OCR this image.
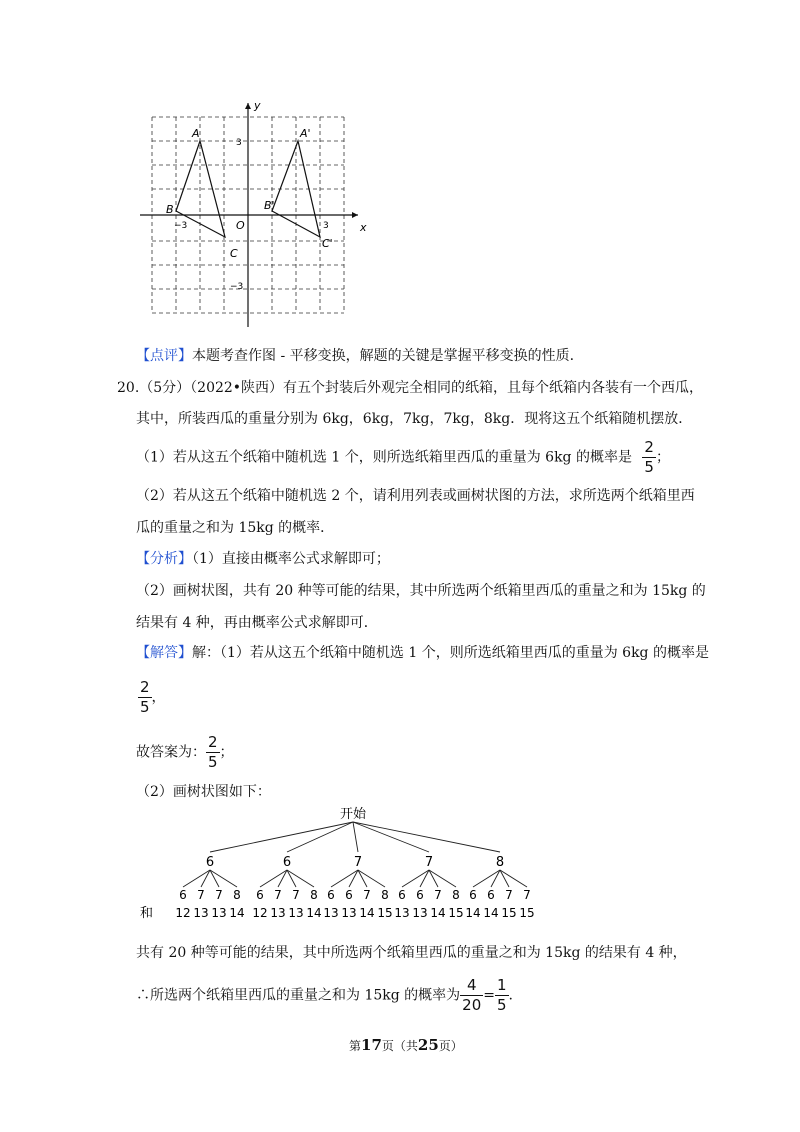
y
x
O
3
−3
−3	3
A
B
C
A'
B'
C'
【点评】本题考查作图 - 平移变换，解题的关键是掌握平移变换的性质.
20.（5分）（2022•陕西）有五个封装后外观完全相同的纸箱，且每个纸箱内各装有一个西瓜，
其中，所装西瓜的重量分别为 6kg，6kg，7kg，7kg，8kg．现将这五个纸箱随机摆放．
（1）若从这五个纸箱中随机选 1 个，则所选纸箱里西瓜的重量为 6kg 的概率是 $\frac{2}{5}$ ；
（2）若从这五个纸箱中随机选 2 个，请利用列表或画树状图的方法，求所选两个纸箱里西
瓜的重量之和为 15kg 的概率．
【分析】（1）直接由概率公式求解即可；
（2）画树状图，共有 20 种等可能的结果，其中所选两个纸箱里西瓜的重量之和为 15kg 的
结果有 4 种，再由概率公式求解即可．
【解答】解：（1）若从这五个纸箱中随机选 1 个，则所选纸箱里西瓜的重量为 6kg 的概率是
$\frac{2}{5}$ ，
故答案为： $\frac{2}{5}$ ；
（2）画树状图如下：
开始
和
6
6
12
7
13
7
13
8
14
6
6
12
7
13
7
13
8
14
7
6
13
6
13
7
14
8
15
7
6
13
6
13
7
14
8
15
8
6
14
6
14
7
15
7
15
共有 20 种等可能的结果，其中所选两个纸箱里西瓜的重量之和为 15kg 的结果有 4 种，
∴所选两个纸箱里西瓜的重量之和为 15kg 的概率为 $\frac{4}{20} = \frac{1}{5}$ .
第17页（共25页）
